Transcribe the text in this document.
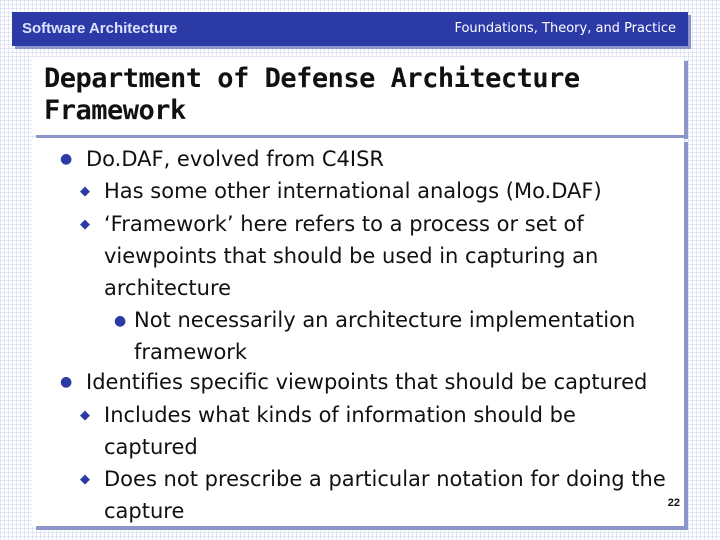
Software Architecture	Foundations, Theory, and Practice
Department of Defense Architecture
Framework
● Do.DAF, evolved from C4ISR
◆ Has some other international analogs (Mo.DAF)
◆ ‘Framework’ here refers to a process or set of
viewpoints that should be used in capturing an
architecture
● Not necessarily an architecture implementation
framework
● Identifies specific viewpoints that should be captured
◆ Includes what kinds of information should be
captured
◆ Does not prescribe a particular notation for doing the
capture	22
